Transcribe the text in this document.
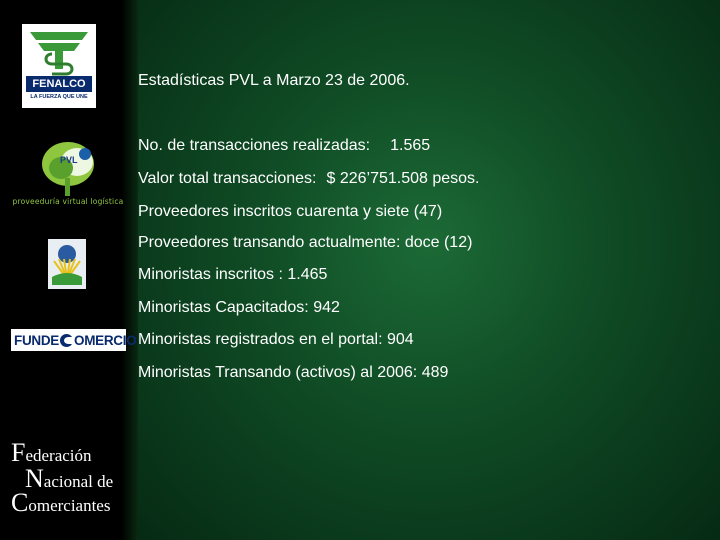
FENALCO
LA FUERZA QUE UNE
PVL
proveeduría virtual logística
FUNDE OMERCIO
Federación
Nacional de
Comerciantes
Estadísticas PVL a Marzo 23 de 2006.
No. de transacciones realizadas: 1.565
Valor total transacciones: $ 226’751.508 pesos.
Proveedores inscritos cuarenta y siete (47)
Proveedores transando actualmente: doce (12)
Minoristas inscritos : 1.465
Minoristas Capacitados: 942
Minoristas registrados en el portal: 904
Minoristas Transando (activos) al 2006: 489
